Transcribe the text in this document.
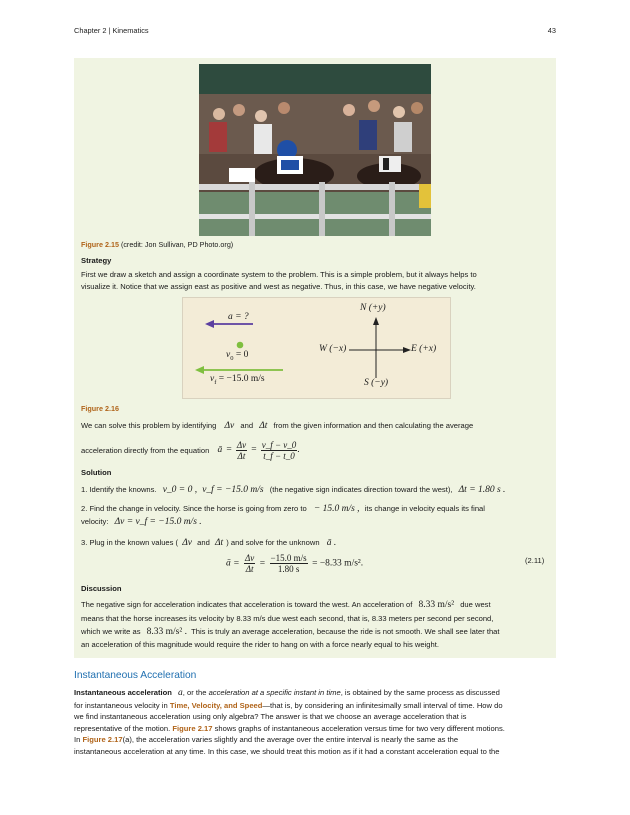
Chapter 2 | Kinematics	43
Figure 2.15 (credit: Jon Sullivan, PD Photo.org)
Strategy
First we draw a sketch and assign a coordinate system to the problem. This is a simple problem, but it always helps to
visualize it. Notice that we assign east as positive and west as negative. Thus, in this case, we have negative velocity.
a = ?
$v_0 = 0$
$v_f = -15.0$ m/s
N (+y)
S (−y)
W (−x)	E (+x)
Figure 2.16
We can solve this problem by identifying Δv and Δt from the given information and then calculating the average
acceleration directly from the equation ā = $\frac{\Delta v}{\Delta t} = \frac{v\_f - v\_0}{t\_f - t\_0}$ .
Solution
1. Identify the knowns. v_0 = 0 , v_f = −15.0 m/s (the negative sign indicates direction toward the west), Δt = 1.80 s .
2. Find the change in velocity. Since the horse is going from zero to − 15.0 m/s , its change in velocity equals its final
velocity: Δv = v_f = −15.0 m/s .
3. Plug in the known values ( Δv and Δt ) and solve for the unknown ā .
ā = $\frac{\Delta v}{\Delta t} = \frac{-15.0 m/s}{1.80 s} = -8.33$ m/s².	(2.11)
Discussion
The negative sign for acceleration indicates that acceleration is toward the west. An acceleration of 8.33 m/s² due west
means that the horse increases its velocity by 8.33 m/s due west each second, that is, 8.33 meters per second per second,
which we write as 8.33 m/s² . This is truly an average acceleration, because the ride is not smooth. We shall see later that
an acceleration of this magnitude would require the rider to hang on with a force nearly equal to his weight.
Instantaneous Acceleration
Instantaneous acceleration a, or the acceleration at a specific instant in time, is obtained by the same process as discussed
for instantaneous velocity in Time, Velocity, and Speed—that is, by considering an infinitesimally small interval of time. How do
we find instantaneous acceleration using only algebra? The answer is that we choose an average acceleration that is
representative of the motion. Figure 2.17 shows graphs of instantaneous acceleration versus time for two very different motions.
In Figure 2.17(a), the acceleration varies slightly and the average over the entire interval is nearly the same as the
instantaneous acceleration at any time. In this case, we should treat this motion as if it had a constant acceleration equal to the
